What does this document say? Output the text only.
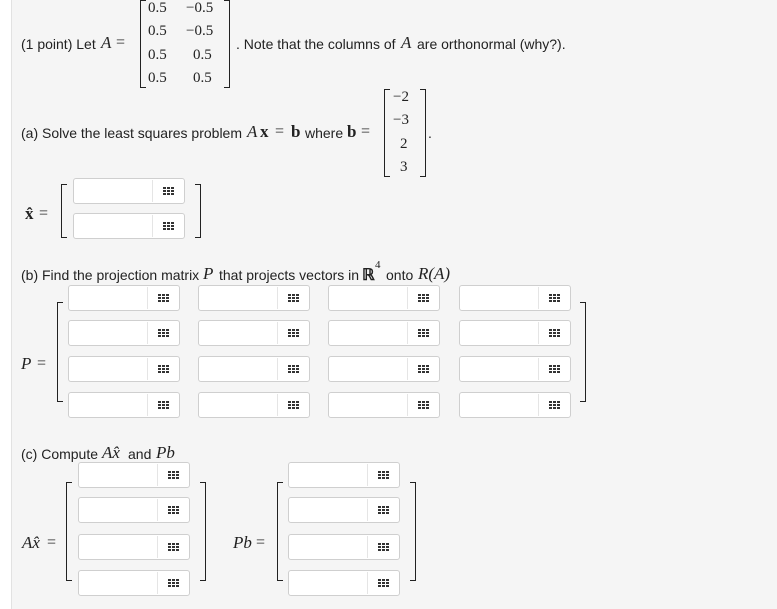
(1 point) Let A =
0.5 −0.5
0.5 −0.5
0.5 0.5
0.5 0.5
. Note that the columns of A are orthonormal (why?).
(a) Solve the least squares problem A x = b where b =
−2
−3
2
3
.
x̂ =
(b) Find the projection matrix P that projects vectors in ℝ
4
onto R(A)
P =
(c) Compute Ax̂ and Pb
Ax̂ =	Pb =
